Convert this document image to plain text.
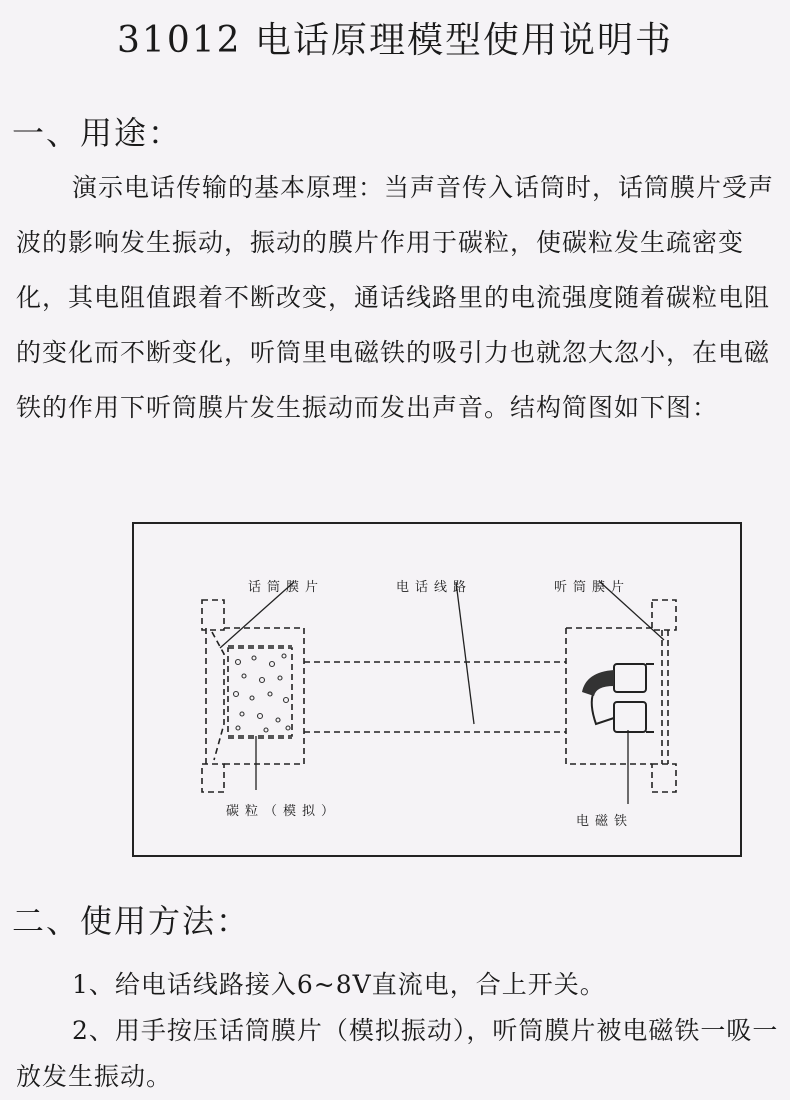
31012 电话原理模型使用说明书
一、用途：

演示电话传输的基本原理：当声音传入话筒时，话筒膜片受声波的影响发生振动，振动的膜片作用于碳粒，使碳粒发生疏密变化，其电阻值跟着不断改变，通话线路里的电流强度随着碳粒电阻的变化而不断变化，听筒里电磁铁的吸引力也就忽大忽小，在电磁铁的作用下听筒膜片发生振动而发出声音。结构简图如下图：

话筒膜片	电话线路	听筒膜片
碳粒（模拟）
电磁铁
二、使用方法：

1、给电话线路接入6~8V直流电，合上开关。

2、用手按压话筒膜片（模拟振动），听筒膜片被电磁铁一吸一放发生振动。
